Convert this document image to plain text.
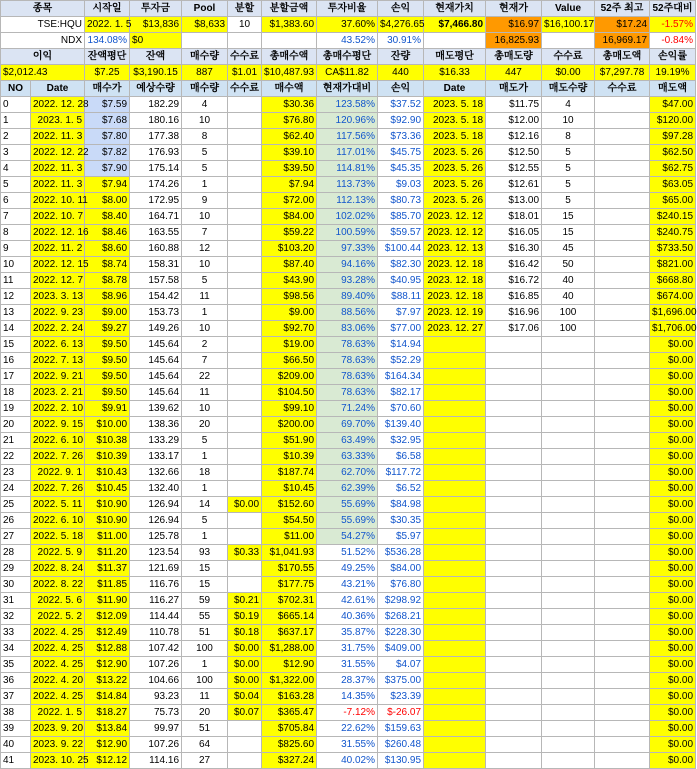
종목		시작일	투자금	Pool	분할	분할금액	투자비율	손익	현재가치	현재가	Value	52주 최고	52주대비
TSE:HQU		2022. 1. 5	$13,836	$8,633	10	$1,383.60	37.60%	$4,276.65	$7,466.80	$16.97	$16,100.17	$17.24	-1.57%
NDX		134.08%	$0				43.52%	30.91%		16,825.93		16,969.17	-0.84%
이익		잔액평단	잔액	매수량	수수료	총매수액	총매수평단	잔량	매도평단	총매도량	수수료	총매도액	손익률
$2,012.43		$7.25	$3,190.15	887	$1.01	$10,487.93	CA$11.82	440	$16.33	447	$0.00	$7,297.78	19.19%
NO	Date	매수가	예상수량	매수량	수수료	매수액	현재가대비	손익	Date	매도가	매도수량	수수료	매도액
0	2022. 12. 28	$7.59	182.29	4		$30.36	123.58%	$37.52	2023. 5. 18	$11.75	4		$47.00
1	2023. 1. 5	$7.68	180.16	10		$76.80	120.96%	$92.90	2023. 5. 18	$12.00	10		$120.00
2	2022. 11. 3	$7.80	177.38	8		$62.40	117.56%	$73.36	2023. 5. 18	$12.16	8		$97.28
3	2022. 12. 22	$7.82	176.93	5		$39.10	117.01%	$45.75	2023. 5. 26	$12.50	5		$62.50
4	2022. 11. 3	$7.90	175.14	5		$39.50	114.81%	$45.35	2023. 5. 26	$12.55	5		$62.75
5	2022. 11. 3	$7.94	174.26	1		$7.94	113.73%	$9.03	2023. 5. 26	$12.61	5		$63.05
6	2022. 10. 11	$8.00	172.95	9		$72.00	112.13%	$80.73	2023. 5. 26	$13.00	5		$65.00
7	2022. 10. 7	$8.40	164.71	10		$84.00	102.02%	$85.70	2023. 12. 12	$18.01	15		$240.15
8	2022. 12. 16	$8.46	163.55	7		$59.22	100.59%	$59.57	2023. 12. 12	$16.05	15		$240.75
9	2022. 11. 2	$8.60	160.88	12		$103.20	97.33%	$100.44	2023. 12. 13	$16.30	45		$733.50
10	2022. 12. 15	$8.74	158.31	10		$87.40	94.16%	$82.30	2023. 12. 18	$16.42	50		$821.00
11	2022. 12. 7	$8.78	157.58	5		$43.90	93.28%	$40.95	2023. 12. 18	$16.72	40		$668.80
12	2023. 3. 13	$8.96	154.42	11		$98.56	89.40%	$88.11	2023. 12. 18	$16.85	40		$674.00
13	2022. 9. 23	$9.00	153.73	1		$9.00	88.56%	$7.97	2023. 12. 19	$16.96	100		$1,696.00
14	2022. 2. 24	$9.27	149.26	10		$92.70	83.06%	$77.00	2023. 12. 27	$17.06	100		$1,706.00
15	2022. 6. 13	$9.50	145.64	2		$19.00	78.63%	$14.94					$0.00
16	2022. 7. 13	$9.50	145.64	7		$66.50	78.63%	$52.29					$0.00
17	2022. 9. 21	$9.50	145.64	22		$209.00	78.63%	$164.34					$0.00
18	2023. 2. 21	$9.50	145.64	11		$104.50	78.63%	$82.17					$0.00
19	2022. 2. 10	$9.91	139.62	10		$99.10	71.24%	$70.60					$0.00
20	2022. 9. 15	$10.00	138.36	20		$200.00	69.70%	$139.40					$0.00
21	2022. 6. 10	$10.38	133.29	5		$51.90	63.49%	$32.95					$0.00
22	2022. 7. 26	$10.39	133.17	1		$10.39	63.33%	$6.58					$0.00
23	2022. 9. 1	$10.43	132.66	18		$187.74	62.70%	$117.72					$0.00
24	2022. 7. 26	$10.45	132.40	1		$10.45	62.39%	$6.52					$0.00
25	2022. 5. 11	$10.90	126.94	14	$0.00	$152.60	55.69%	$84.98					$0.00
26	2022. 6. 10	$10.90	126.94	5		$54.50	55.69%	$30.35					$0.00
27	2022. 5. 18	$11.00	125.78	1		$11.00	54.27%	$5.97					$0.00
28	2022. 5. 9	$11.20	123.54	93	$0.33	$1,041.93	51.52%	$536.28					$0.00
29	2022. 8. 24	$11.37	121.69	15		$170.55	49.25%	$84.00					$0.00
30	2022. 8. 22	$11.85	116.76	15		$177.75	43.21%	$76.80					$0.00
31	2022. 5. 6	$11.90	116.27	59	$0.21	$702.31	42.61%	$298.92					$0.00
32	2022. 5. 2	$12.09	114.44	55	$0.19	$665.14	40.36%	$268.21					$0.00
33	2022. 4. 25	$12.49	110.78	51	$0.18	$637.17	35.87%	$228.30					$0.00
34	2022. 4. 25	$12.88	107.42	100	$0.00	$1,288.00	31.75%	$409.00					$0.00
35	2022. 4. 25	$12.90	107.26	1	$0.00	$12.90	31.55%	$4.07					$0.00
36	2022. 4. 20	$13.22	104.66	100	$0.00	$1,322.00	28.37%	$375.00					$0.00
37	2022. 4. 25	$14.84	93.23	11	$0.04	$163.28	14.35%	$23.39					$0.00
38	2022. 1. 5	$18.27	75.73	20	$0.07	$365.47	-7.12%	$-26.07					$0.00
39	2023. 9. 20	$13.84	99.97	51		$705.84	22.62%	$159.63					$0.00
40	2023. 9. 22	$12.90	107.26	64		$825.60	31.55%	$260.48					$0.00
41	2023. 10. 25	$12.12	114.16	27		$327.24	40.02%	$130.95					$0.00
